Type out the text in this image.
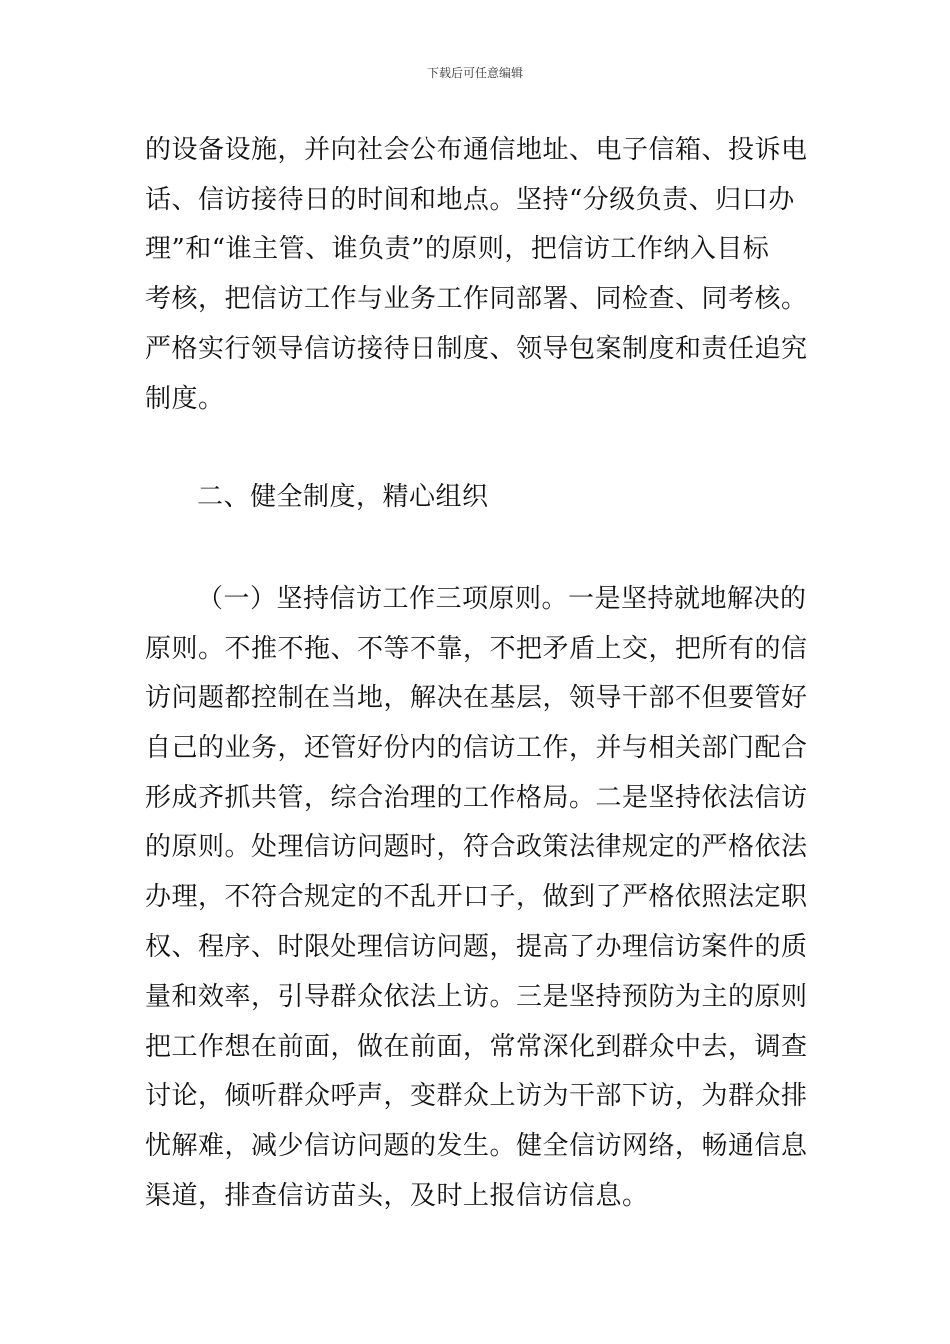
下载后可任意编辑
的设备设施，并向社会公布通信地址、电子信箱、投诉电
话、信访接待日的时间和地点。坚持“分级负责、归口办
理”和“谁主管、谁负责”的原则，把信访工作纳入目标
考核，把信访工作与业务工作同部署、同检查、同考核。
严格实行领导信访接待日制度、领导包案制度和责任追究
制度。
二、健全制度，精心组织
（一）坚持信访工作三项原则。一是坚持就地解决的
原则。不推不拖、不等不靠，不把矛盾上交，把所有的信
访问题都控制在当地，解决在基层，领导干部不但要管好
自己的业务，还管好份内的信访工作，并与相关部门配合
形成齐抓共管，综合治理的工作格局。二是坚持依法信访
的原则。处理信访问题时，符合政策法律规定的严格依法
办理，不符合规定的不乱开口子，做到了严格依照法定职
权、程序、时限处理信访问题，提高了办理信访案件的质
量和效率，引导群众依法上访。三是坚持预防为主的原则
把工作想在前面，做在前面，常常深化到群众中去，调查
讨论，倾听群众呼声，变群众上访为干部下访，为群众排
忧解难，减少信访问题的发生。健全信访网络，畅通信息
渠道，排查信访苗头，及时上报信访信息。
